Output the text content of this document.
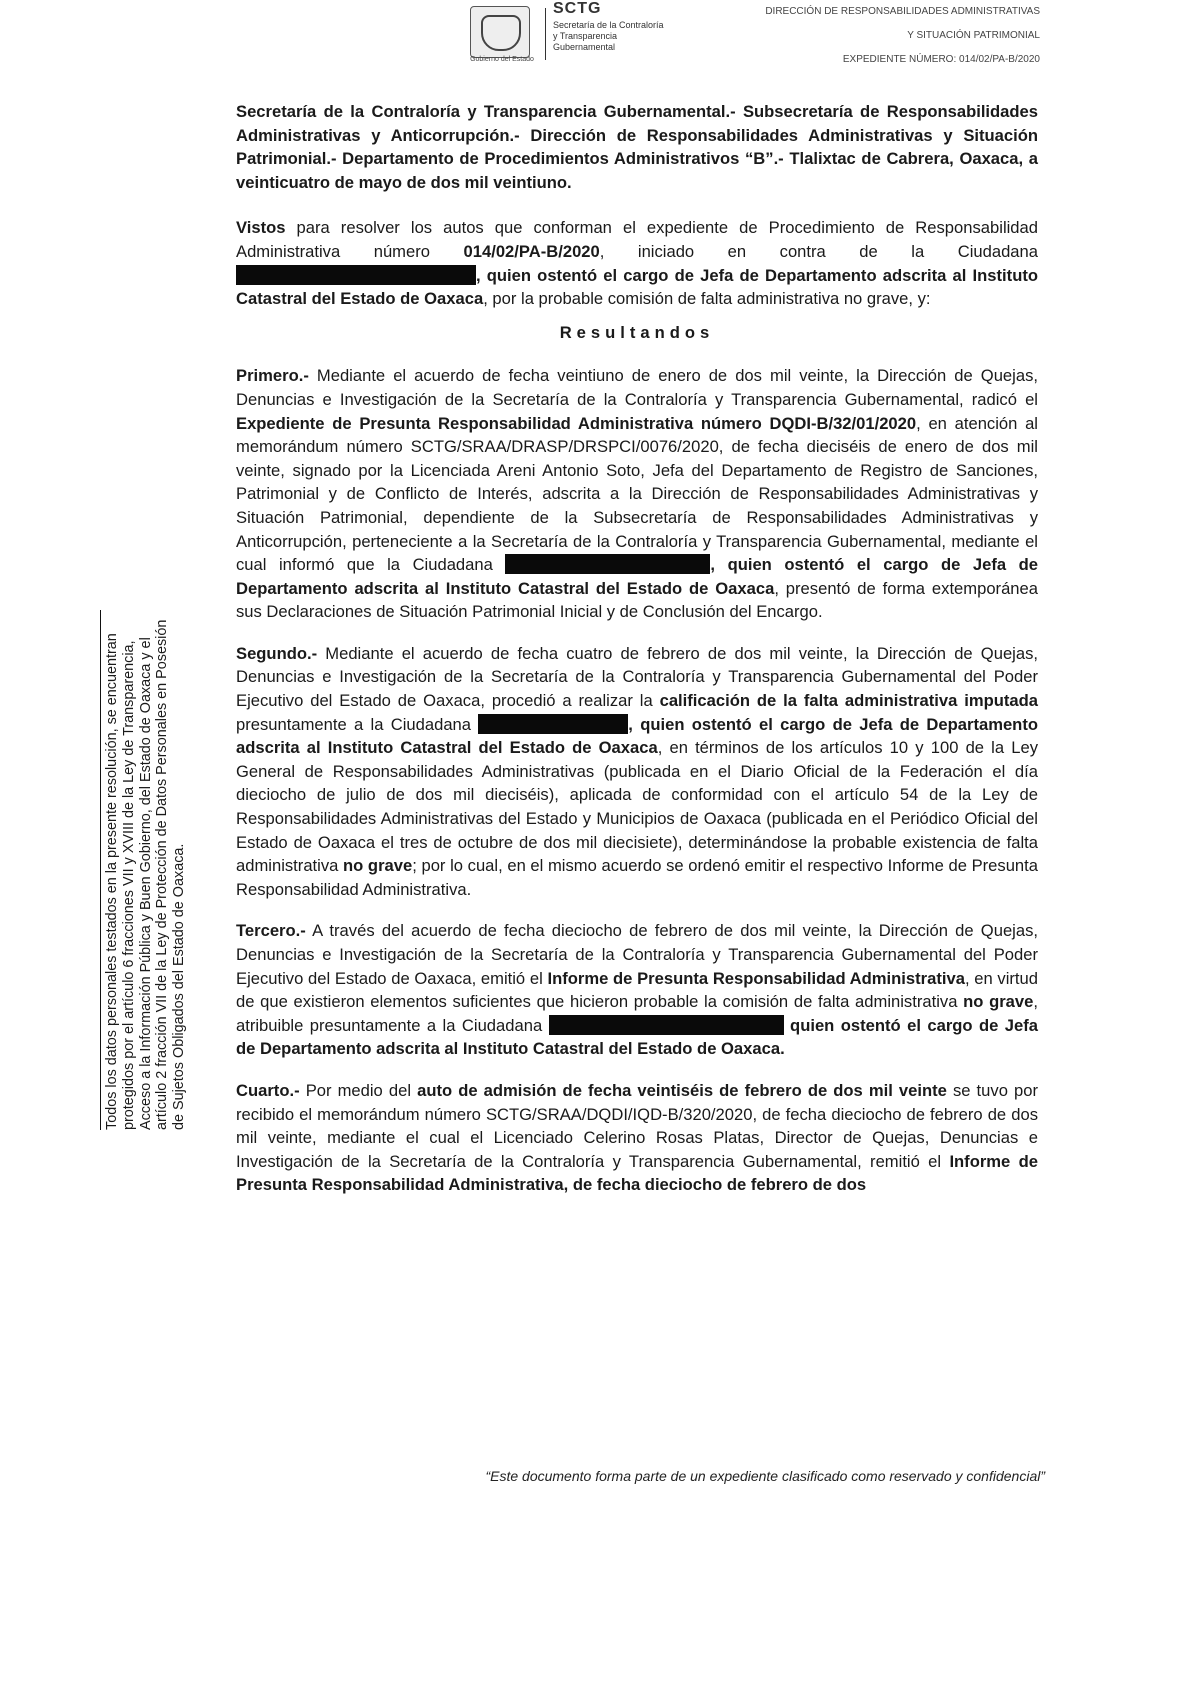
Gobierno del Estado
SCTG
Secretaría de la Contraloría
y Transparencia
Gubernamental
DIRECCIÓN DE RESPONSABILIDADES ADMINISTRATIVAS
Y SITUACIÓN PATRIMONIAL
EXPEDIENTE NÚMERO: 014/02/PA-B/2020

Secretaría de la Contraloría y Transparencia Gubernamental.- Subsecretaría de Responsabilidades Administrativas y Anticorrupción.- Dirección de Responsabilidades Administrativas y Situación Patrimonial.- Departamento de Procedimientos Administrativos “B”.- Tlalixtac de Cabrera, Oaxaca, a veinticuatro de mayo de dos mil veintiuno.

Vistos para resolver los autos que conforman el expediente de Procedimiento de Responsabilidad Administrativa número 014/02/PA-B/2020, iniciado en contra de la Ciudadana , quien ostentó el cargo de Jefa de Departamento adscrita al Instituto Catastral del Estado de Oaxaca, por la probable comisión de falta administrativa no grave, y:

Resultandos

Primero.- Mediante el acuerdo de fecha veintiuno de enero de dos mil veinte, la Dirección de Quejas, Denuncias e Investigación de la Secretaría de la Contraloría y Transparencia Gubernamental, radicó el Expediente de Presunta Responsabilidad Administrativa número DQDI-B/32/01/2020, en atención al memorándum número SCTG/SRAA/DRASP/DRSPCI/0076/2020, de fecha dieciséis de enero de dos mil veinte, signado por la Licenciada Areni Antonio Soto, Jefa del Departamento de Registro de Sanciones, Patrimonial y de Conflicto de Interés, adscrita a la Dirección de Responsabilidades Administrativas y Situación Patrimonial, dependiente de la Subsecretaría de Responsabilidades Administrativas y Anticorrupción, perteneciente a la Secretaría de la Contraloría y Transparencia Gubernamental, mediante el cual informó que la Ciudadana	, quien ostentó el cargo de Jefa de Departamento adscrita al Instituto Catastral del Estado de Oaxaca, presentó de forma extemporánea sus Declaraciones de Situación Patrimonial Inicial y de Conclusión del Encargo.

Segundo.- Mediante el acuerdo de fecha cuatro de febrero de dos mil veinte, la Dirección de Quejas, Denuncias e Investigación de la Secretaría de la Contraloría y Transparencia Gubernamental del Poder Ejecutivo del Estado de Oaxaca, procedió a realizar la calificación de la falta administrativa imputada presuntamente a la Ciudadana	, quien ostentó el cargo de Jefa de Departamento adscrita al Instituto Catastral del Estado de Oaxaca, en términos de los artículos 10 y 100 de la Ley General de Responsabilidades Administrativas (publicada en el Diario Oficial de la Federación el día dieciocho de julio de dos mil dieciséis), aplicada de conformidad con el artículo 54 de la Ley de Responsabilidades Administrativas del Estado y Municipios de Oaxaca (publicada en el Periódico Oficial del Estado de Oaxaca el tres de octubre de dos mil diecisiete), determinándose la probable existencia de falta administrativa no grave; por lo cual, en el mismo acuerdo se ordenó emitir el respectivo Informe de Presunta Responsabilidad Administrativa.

Tercero.- A través del acuerdo de fecha dieciocho de febrero de dos mil veinte, la Dirección de Quejas, Denuncias e Investigación de la Secretaría de la Contraloría y Transparencia Gubernamental del Poder Ejecutivo del Estado de Oaxaca, emitió el Informe de Presunta Responsabilidad Administrativa, en virtud de que existieron elementos suficientes que hicieron probable la comisión de falta administrativa no grave, atribuible presuntamente a la Ciudadana	quien ostentó el cargo de Jefa de Departamento adscrita al Instituto Catastral del Estado de Oaxaca.

Cuarto.- Por medio del auto de admisión de fecha veintiséis de febrero de dos mil veinte se tuvo por recibido el memorándum número SCTG/SRAA/DQDI/IQD-B/320/2020, de fecha dieciocho de febrero de dos mil veinte, mediante el cual el Licenciado Celerino Rosas Platas, Director de Quejas, Denuncias e Investigación de la Secretaría de la Contraloría y Transparencia Gubernamental, remitió el Informe de Presunta Responsabilidad Administrativa, de fecha dieciocho de febrero de dos

“Este documento forma parte de un expediente clasificado como reservado y confidencial”
Todos los datos personales testados en la presente resolución, se encuentran protegidos por el artículo 6 fracciones VII y XVIII de la Ley de Transparencia, Acceso a la Información Pública y Buen Gobierno, del Estado de Oaxaca y el artículo 2 fracción VII de la Ley de Protección de Datos Personales en Posesión de Sujetos Obligados del Estado de Oaxaca.
